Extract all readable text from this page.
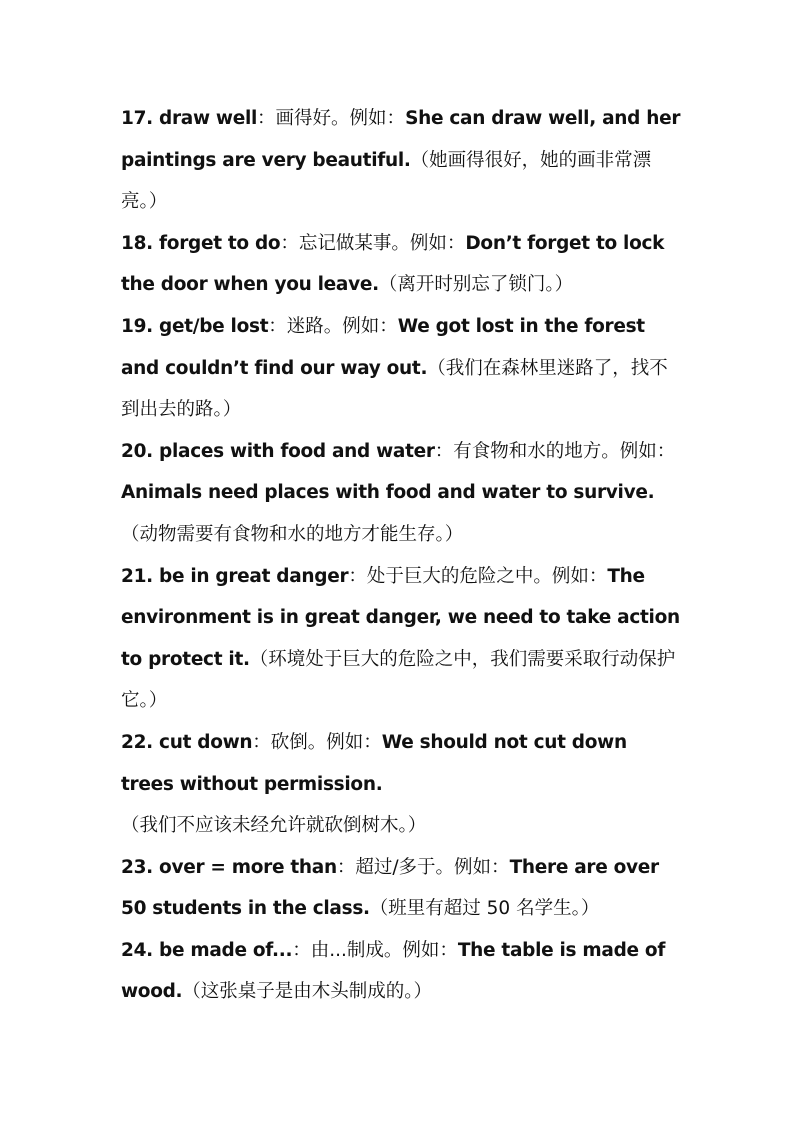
17. draw well：画得好。例如：She can draw well, and her paintings are very beautiful.（她画得很好，她的画非常漂亮。）

18. forget to do：忘记做某事。例如：Don’t forget to lock the door when you leave.（离开时别忘了锁门。）

19. get/be lost：迷路。例如：We got lost in the forest and couldn’t find our way out.（我们在森林里迷路了，找不到出去的路。）

20. places with food and water：有食物和水的地方。例如：Animals need places with food and water to survive.（动物需要有食物和水的地方才能生存。）

21. be in great danger：处于巨大的危险之中。例如：The environment is in great danger, we need to take action to protect it.（环境处于巨大的危险之中，我们需要采取行动保护它。）

22. cut down：砍倒。例如：We should not cut down trees without permission.（我们不应该未经允许就砍倒树木。）

23. over = more than：超过/多于。例如：There are over 50 students in the class.（班里有超过 50 名学生。）

24. be made of...：由...制成。例如：The table is made of wood.（这张桌子是由木头制成的。）
